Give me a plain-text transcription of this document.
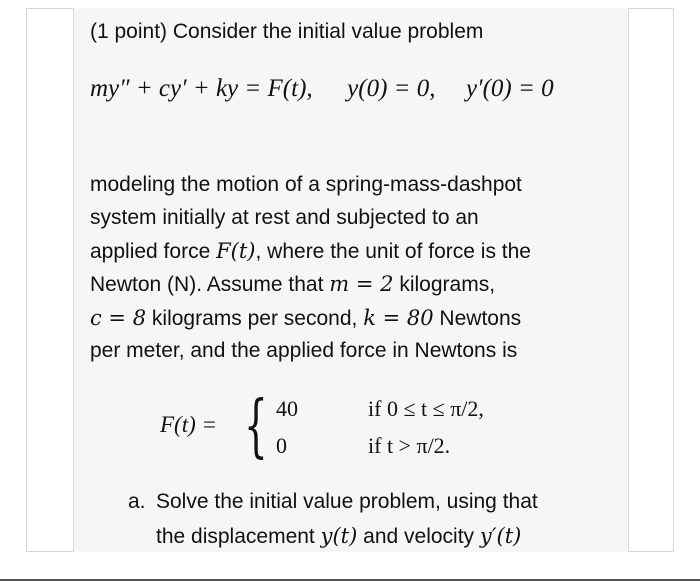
(1 point) Consider the initial value problem
my″ + cy′ + ky = F(t), y(0) = 0, y′(0) = 0
modeling the motion of a spring-mass-dashpot
system initially at rest and subjected to an
applied force F(t), where the unit of force is the
Newton (N). Assume that m = 2 kilograms,
c = 8 kilograms per second, k = 80 Newtons
per meter, and the applied force in Newtons is
F(t) = { 40	if 0 ≤ t ≤ π/2,
0	if t > π/2.
a. Solve the initial value problem, using that
the displacement y(t) and velocity y′(t)
